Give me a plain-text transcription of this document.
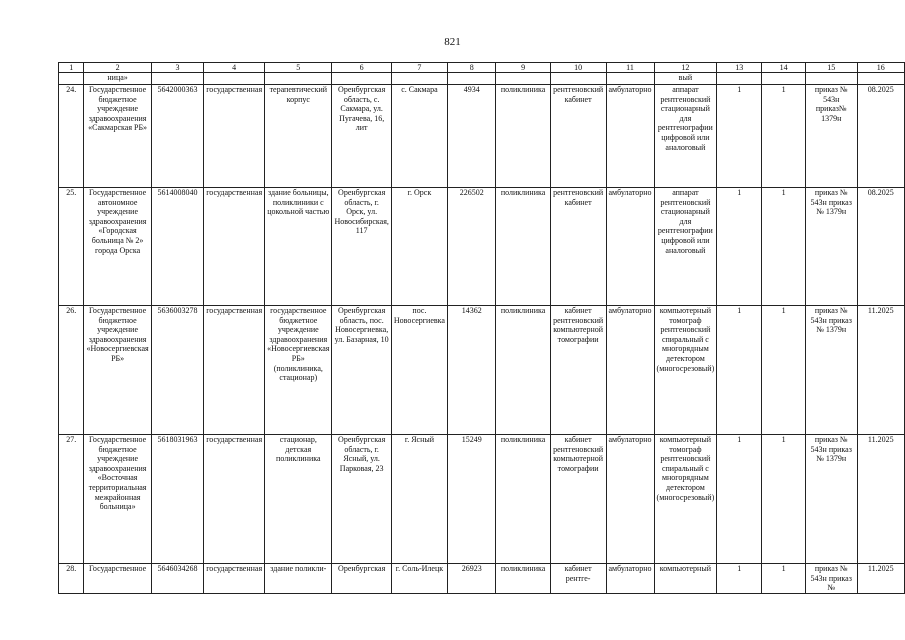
821
1	2	3	4	5	6	7	8	9	10	11	12	13	14	15	16
	ница»										вый				
24.	Государственное бюджетное учреждение здравоохранения «Сакмарская РБ»	5642000363	государственная	терапевтический корпус	Оренбургская область, с. Сакмара, ул. Пугачева, 16, лит	с. Сакмара	4934	поликлиника	рентгеновский кабинет	амбулаторно	аппарат рентгеновский стационарный для рентгенографии цифровой или аналоговый	1	1	приказ № 543н приказ№ 1379н	08.2025
25.	Государственное автономное учреждение здравоохранения «Городская больница № 2» города Орска	5614008040	государственная	здание больницы, поликлиники с цокольной частью	Оренбургская область, г. Орск, ул. Новосибирская, 117	г. Орск	226502	поликлиника	рентгеновский кабинет	амбулаторно	аппарат рентгеновский стационарный для рентгенографии цифровой или аналоговый	1	1	приказ № 543н приказ № 1379н	08.2025
26.	Государственное бюджетное учреждение здравоохранения «Новосергиевская РБ»	5636003278	государственная	государственное бюджетное учреждение здравоохранения «Новосергиевская РБ» (поликлиника, стационар)	Оренбургская область, пос. Новосергиевка, ул. Базарная, 10	пос. Новосергиевка	14362	поликлиника	кабинет рентгеновский компьютерной томографии	амбулаторно	компьютерный томограф рентгеновский спиральный с многорядным детектором (многосрезовый)	1	1	приказ № 543н приказ № 1379н	11.2025
27.	Государственное бюджетное учреждение здравоохранения «Восточная территориальная межрайонная больница»	5618031963	государственная	стационар, детская поликлиника	Оренбургская область, г. Ясный, ул. Парковая, 23	г. Ясный	15249	поликлиника	кабинет рентгеновский компьютерной томографии	амбулаторно	компьютерный томограф рентгеновский спиральный с многорядным детектором (многосрезовый)	1	1	приказ № 543н приказ № 1379н	11.2025
28.	Государственное	5646034268	государственная	здание поликли-	Оренбургская	г. Соль-Илецк	26923	поликлиника	кабинет рентге-	амбулаторно	компьютерный	1	1	приказ № 543н приказ №	11.2025
